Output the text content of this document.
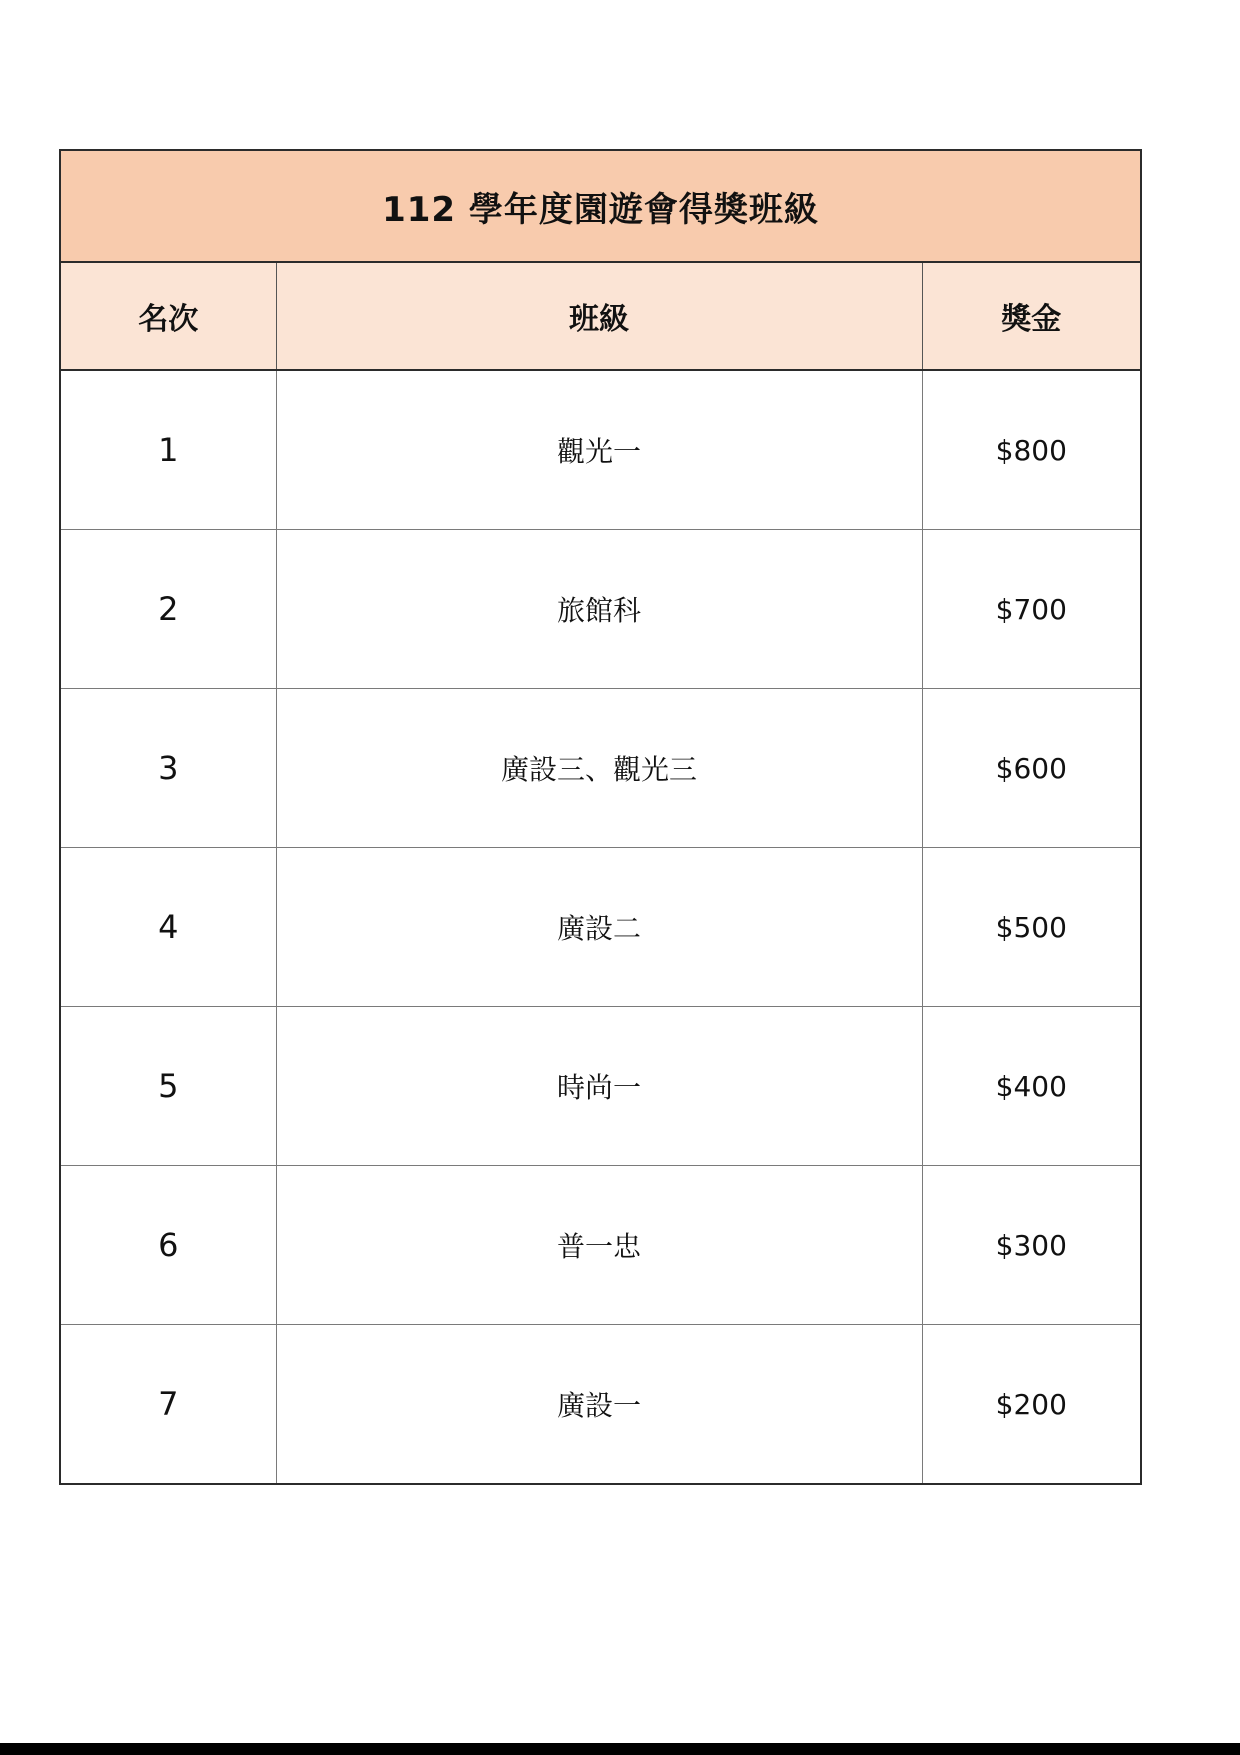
112 學年度園遊會得獎班級		
名次	班級	獎金
1	觀光一	$800
2	旅館科	$700
3	廣設三、觀光三	$600
4	廣設二	$500
5	時尚一	$400
6	普一忠	$300
7	廣設一	$200
